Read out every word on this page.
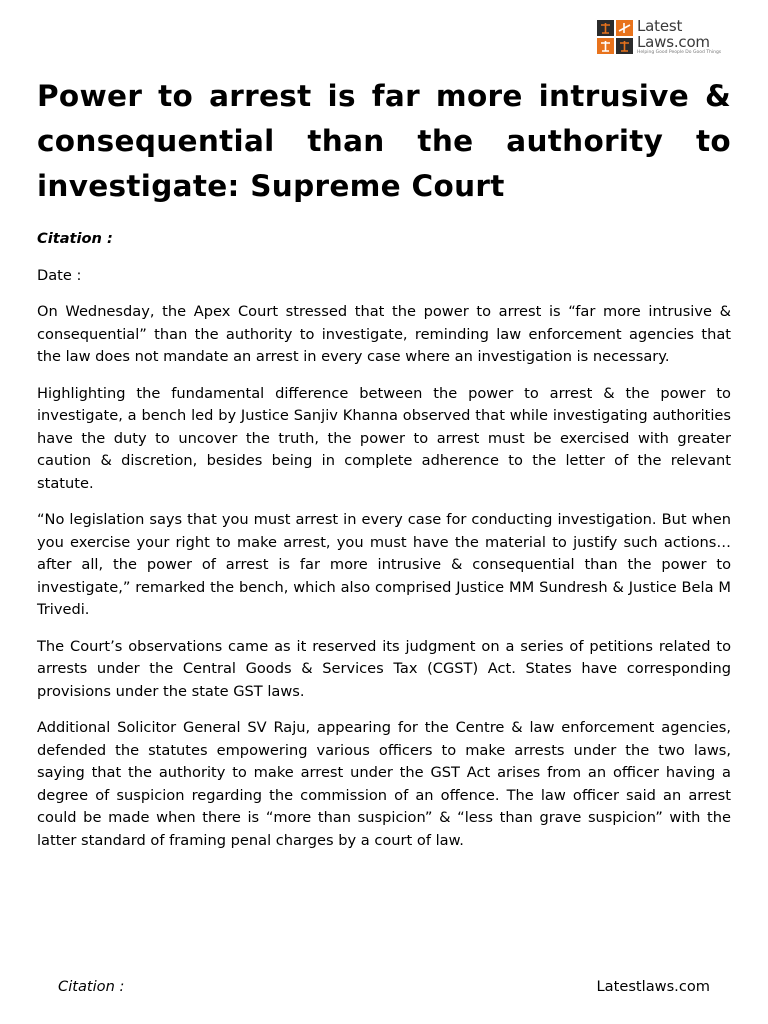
Latest
Laws.com
Helping Good People Do Good Things
Power to arrest is far more intrusive & consequential than the authority to investigate: Supreme Court
Citation :
Date :

On Wednesday, the Apex Court stressed that the power to arrest is “far more intrusive & consequential” than the authority to investigate, reminding law enforcement agencies that the law does not mandate an arrest in every case where an investigation is necessary.

Highlighting the fundamental difference between the power to arrest & the power to investigate, a bench led by Justice Sanjiv Khanna observed that while investigating authorities have the duty to uncover the truth, the power to arrest must be exercised with greater caution & discretion, besides being in complete adherence to the letter of the relevant statute.

“No legislation says that you must arrest in every case for conducting investigation. But when you exercise your right to make arrest, you must have the material to justify such actions…after all, the power of arrest is far more intrusive & consequential than the power to investigate,” remarked the bench, which also comprised Justice MM Sundresh & Justice Bela M Trivedi.

The Court’s observations came as it reserved its judgment on a series of petitions related to arrests under the Central Goods & Services Tax (CGST) Act. States have corresponding provisions under the state GST laws.

Additional Solicitor General SV Raju, appearing for the Centre & law enforcement agencies, defended the statutes empowering various officers to make arrests under the two laws, saying that the authority to make arrest under the GST Act arises from an officer having a degree of suspicion regarding the commission of an offence. The law officer said an arrest could be made when there is “more than suspicion” & “less than grave suspicion” with the latter standard of framing penal charges by a court of law.

Citation :	Latestlaws.com
